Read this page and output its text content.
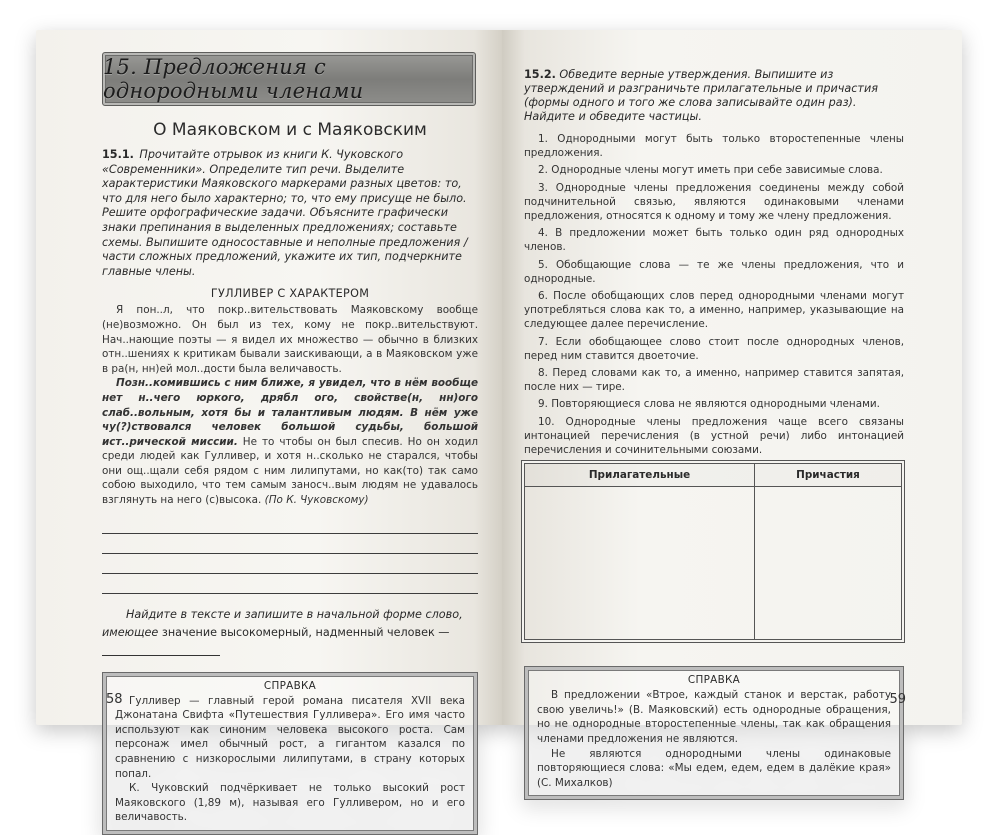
15. Предложения с однородными членами
О Маяковском и с Маяковским
15.1. Прочитайте отрывок из книги К. Чуковского «Современники». Определите тип речи. Выделите характеристики Маяковского маркерами разных цветов: то, что для него было характерно; то, что ему присуще не было. Решите орфографические задачи. Объясните графически знаки препинания в выделенных предложениях; составьте схемы. Выпишите односоставные и неполные предложения / части сложных предложений, укажите их тип, подчеркните главные члены.
ГУЛЛИВЕР С ХАРАКТЕРОМ

Я пон..л, что покр..вительствовать Маяковскому вообще (не)возможно. Он был из тех, кому не покр..вительствуют. Нач..нающие поэты — я видел их множество — обычно в близких отн..шениях к критикам бывали заискивающи, а в Маяковском уже в ра(н, нн)ей мол..дости была величавость.

Позн..комившись с ним ближе, я увидел, что в нём вообще нет н..чего юркого, дрябл ого, свойстве(н, нн)ого слаб..вольным, хотя бы и талантливым людям. В нём уже чу(?)ствовался человек большой судьбы, большой ист..рической миссии. Не то чтобы он был спесив. Но он ходил среди людей как Гулливер, и хотя н..сколько не старался, чтобы они ощ..щали себя рядом с ним лилипутами, но как(то) так само собою выходило, что тем самым заносч..вым людям не удавалось взглянуть на него (с)высока. (По К. Чуковскому)

Найдите в тексте и запишите в начальной форме слово, имеющее значение высокомерный, надменный человек —
СПРАВКА

Гулливер — главный герой романа писателя XVII века Джонатана Свифта «Путешествия Гулливера». Его имя часто используют как синоним человека высокого роста. Сам персонаж имел обычный рост, а гигантом казался по сравнению с низкорослыми лилипутами, в страну которых попал.

К. Чуковский подчёркивает не только высокий рост Маяковского (1,89 м), называя его Гулливером, но и его величавость.

58
15.2. Обведите верные утверждения. Выпишите из утверждений и разграничьте прилагательные и причастия (формы одного и того же слова записывайте один раз). Найдите и обведите частицы.

1. Однородными могут быть только второстепенные члены предложения.

2. Однородные члены могут иметь при себе зависимые слова.

3. Однородные члены предложения соединены между собой подчинительной связью, являются одинаковыми членами предложения, относятся к одному и тому же члену предложения.

4. В предложении может быть только один ряд однородных членов.

5. Обобщающие слова — те же члены предложения, что и однородные.

6. После обобщающих слов перед однородными членами могут употребляться слова как то, а именно, например, указывающие на следующее далее перечисление.

7. Если обобщающее слово стоит после однородных членов, перед ним ставится двоеточие.

8. Перед словами как то, а именно, например ставится запятая, после них — тире.

9. Повторяющиеся слова не являются однородными членами.

10. Однородные члены предложения чаще всего связаны интонацией перечисления (в устной речи) либо интонацией перечисления и сочинительными союзами.

Прилагательные	Причастия

СПРАВКА

В предложении «Втрое, каждый станок и верстак, работу свою увеличь!» (В. Маяковский) есть однородные обращения, но не однородные второстепенные члены, так как обращения членами предложения не являются.

Не являются однородными члены одинаковые повторяющиеся слова: «Мы едем, едем, едем в далёкие края» (С. Михалков)

59
